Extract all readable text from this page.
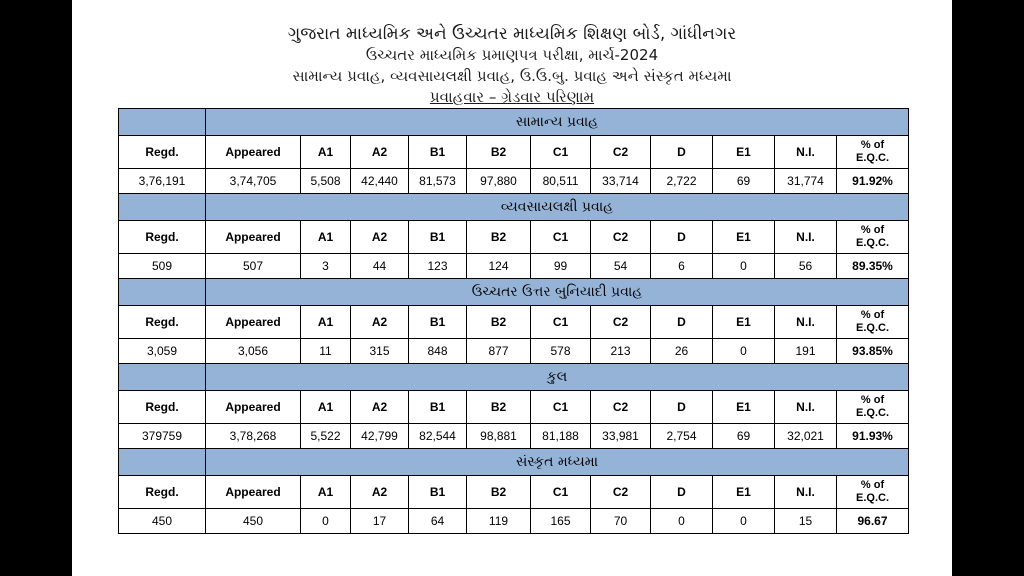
ગુજરાત માધ્યમિક અને ઉચ્ચતર માધ્યમિક શિક્ષણ બોર્ડ, ગાંધીનગર
ઉચ્ચતર માધ્યમિક પ્રમાણપત્ર પરીક્ષા, માર્ચ-2024
સામાન્ય પ્રવાહ, વ્યવસાયલક્ષી પ્રવાહ, ઉ.ઉ.બુ. પ્રવાહ અને સંસ્કૃત મધ્યમા
પ્રવાહવાર – ગ્રેડવાર પરિણામ
	સામાન્ય પ્રવાહ										
Regd.	Appeared	A1	A2	B1	B2	C1	C2	D	E1	N.I.	% of
E.Q.C.
3,76,191	3,74,705	5,508	42,440	81,573	97,880	80,511	33,714	2,722	69	31,774	91.92%
	વ્યવસાયલક્ષી પ્રવાહ										
Regd.	Appeared	A1	A2	B1	B2	C1	C2	D	E1	N.I.	% of
E.Q.C.
509	507	3	44	123	124	99	54	6	0	56	89.35%
	ઉચ્ચતર ઉત્તર બુનિયાદી પ્રવાહ										
Regd.	Appeared	A1	A2	B1	B2	C1	C2	D	E1	N.I.	% of
E.Q.C.
3,059	3,056	11	315	848	877	578	213	26	0	191	93.85%
	કુલ										
Regd.	Appeared	A1	A2	B1	B2	C1	C2	D	E1	N.I.	% of
E.Q.C.
379759	3,78,268	5,522	42,799	82,544	98,881	81,188	33,981	2,754	69	32,021	91.93%
	સંસ્કૃત મધ્યમા										
Regd.	Appeared	A1	A2	B1	B2	C1	C2	D	E1	N.I.	% of
E.Q.C.
450	450	0	17	64	119	165	70	0	0	15	96.67
